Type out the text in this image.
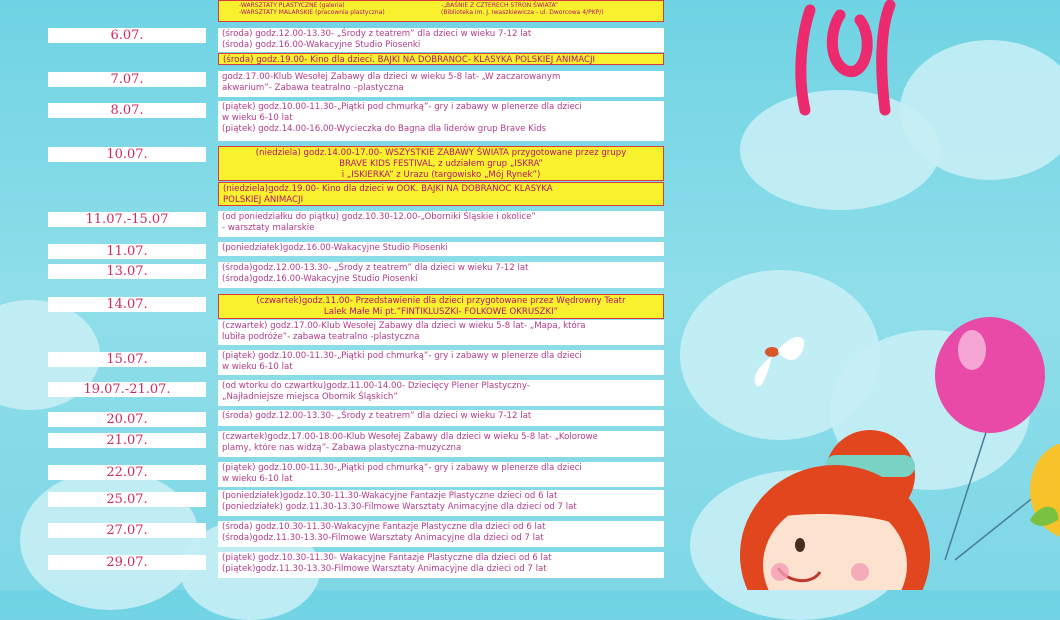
-WARSZTATY PLASTYCZNE (galeria)
-WARSZTATY MALARSKIE (pracownia plastyczna)
-„BAŚNIE Z CZTERECH STRON ŚWIATA”
(Biblioteka im. J. Iwaszkiewicza - ul. Dworcowa 4/PKP/)
6.07.	(środa) godz.12.00-13.30- „Środy z teatrem” dla dzieci w wieku 7-12 lat
(środa) godz.16.00-Wakacyjne Studio Piosenki
(środa) godz.19.00- Kino dla dzieci. BAJKI NA DOBRANOC- KLASYKA POLSKIEJ ANIMACJI
7.07.	godz.17.00-Klub Wesołej Zabawy dla dzieci w wieku 5-8 lat- „W zaczarowanym
akwarium”- Zabawa teatralno –plastyczna
8.07.	(piątek) godz.10.00-11.30-„Piątki pod chmurką”- gry i zabawy w plenerze dla dzieci
w wieku 6-10 lat
(piątek) godz.14.00-16.00-Wycieczka do Bagna dla liderów grup Brave Kids
10.07.	(niedziela) godz.14.00-17.00- WSZYSTKIE ZABAWY ŚWIATA przygotowane przez grupy
BRAVE KIDS FESTIVAL, z udziałem grup „ISKRA”
i „ISKIERKA” z Urazu (targowisko „Mój Rynek”)
(niedziela)godz.19.00- Kino dla dzieci w OOK. BAJKI NA DOBRANOC KLASYKA
POLSKIEJ ANIMACJI
11.07.-15.07	(od poniedziałku do piątku) godz.10.30-12.00-„Oborniki Śląskie i okolice”
- warsztaty malarskie
11.07.	(poniedziałek)godz.16.00-Wakacyjne Studio Piosenki
13.07.	(środa)godz.12.00-13.30- „Środy z teatrem” dla dzieci w wieku 7-12 lat
(środa)godz.16.00-Wakacyjne Studio Piosenki
14.07.	(czwartek)godz.11.00- Przedstawienie dla dzieci przygotowane przez Wędrowny Teatr
Lalek Małe Mi pt.”FINTIKLUSZKI- FOLKOWE OKRUSZKI”
(czwartek) godz.17.00-Klub Wesołej Zabawy dla dzieci w wieku 5-8 lat- „Mapa, która
lubiła podróże”- zabawa teatralno -plastyczna
15.07.	(piątek) godz.10.00-11.30-„Piątki pod chmurką”- gry i zabawy w plenerze dla dzieci
w wieku 6-10 lat
19.07.-21.07.	(od wtorku do czwartku)godz.11.00-14.00- Dziecięcy Plener Plastyczny-
„Najładniejsze miejsca Obornik Śląskich”
20.07.	(środa) godz.12.00-13.30- „Środy z teatrem” dla dzieci w wieku 7-12 lat
21.07.	(czwartek)godz.17.00-18.00-Klub Wesołej Zabawy dla dzieci w wieku 5-8 lat- „Kolorowe
plamy, które nas widzą”- Zabawa plastyczna-muzyczna
22.07.	(piątek) godz.10.00-11.30-„Piątki pod chmurką”- gry i zabawy w plenerze dla dzieci
w wieku 6-10 lat
25.07.	(poniedziałek)godz.10.30-11.30-Wakacyjne Fantazje Plastyczne dzieci od 6 lat
(poniedziałek) godz.11.30-13.30-Filmowe Warsztaty Animacyjne dla dzieci od 7 lat
27.07.	(środa) godz.10.30-11.30-Wakacyjne Fantazje Plastyczne dla dzieci od 6 lat
(środa)godz.11.30-13.30-Filmowe Warsztaty Animacyjne dla dzieci od 7 lat
29.07.	(piątek) godz.10.30-11.30- Wakacyjne Fantazje Plastyczne dla dzieci od 6 lat
(piątek)godz.11.30-13.30-Filmowe Warsztaty Animacyjne dla dzieci od 7 lat
